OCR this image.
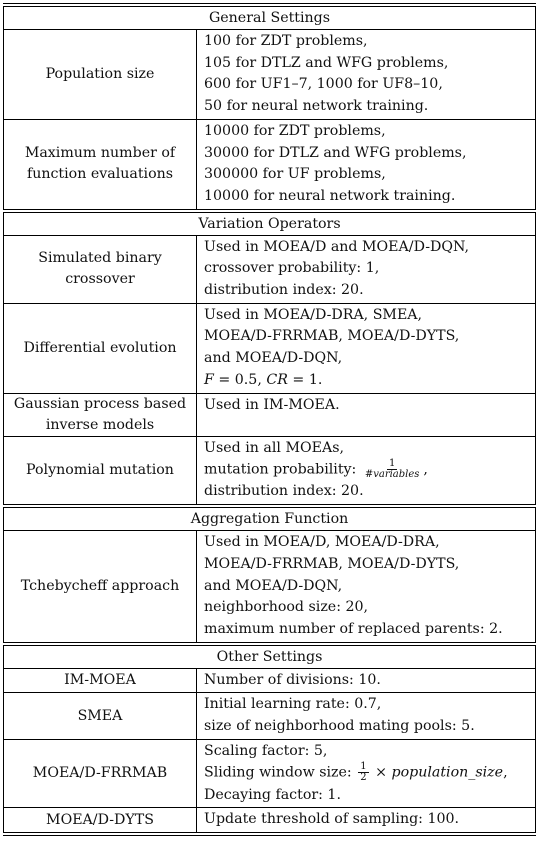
General Settings
Population size
100 for ZDT problems,
105 for DTLZ and WFG problems,
600 for UF1–7, 1000 for UF8–10,
50 for neural network training.
Maximum number of
function evaluations
10000 for ZDT problems,
30000 for DTLZ and WFG problems,
300000 for UF problems,
10000 for neural network training.
Variation Operators
Simulated binary
crossover
Used in MOEA/D and MOEA/D-DQN,
crossover probability: 1,
distribution index: 20.
Differential evolution
Used in MOEA/D-DRA, SMEA,
MOEA/D-FRRMAB, MOEA/D-DYTS,
and MOEA/D-DQN,
F = 0.5, CR = 1.
Gaussian process based
inverse models
Used in IM-MOEA.
Polynomial mutation
Used in all MOEAs,
mutation probability: $\frac{1}{\text{\#variables}}$ ,
distribution index: 20.
Aggregation Function
Tchebycheff approach
Used in MOEA/D, MOEA/D-DRA,
MOEA/D-FRRMAB, MOEA/D-DYTS,
and MOEA/D-DQN,
neighborhood size: 20,
maximum number of replaced parents: 2.
Other Settings
IM-MOEA	Number of divisions: 10.
SMEA
Initial learning rate: 0.7,
size of neighborhood mating pools: 5.
MOEA/D-FRRMAB
Scaling factor: 5,
Sliding window size: $\frac{1}{2}$ × population_size,
Decaying factor: 1.
MOEA/D-DYTS	Update threshold of sampling: 100.
